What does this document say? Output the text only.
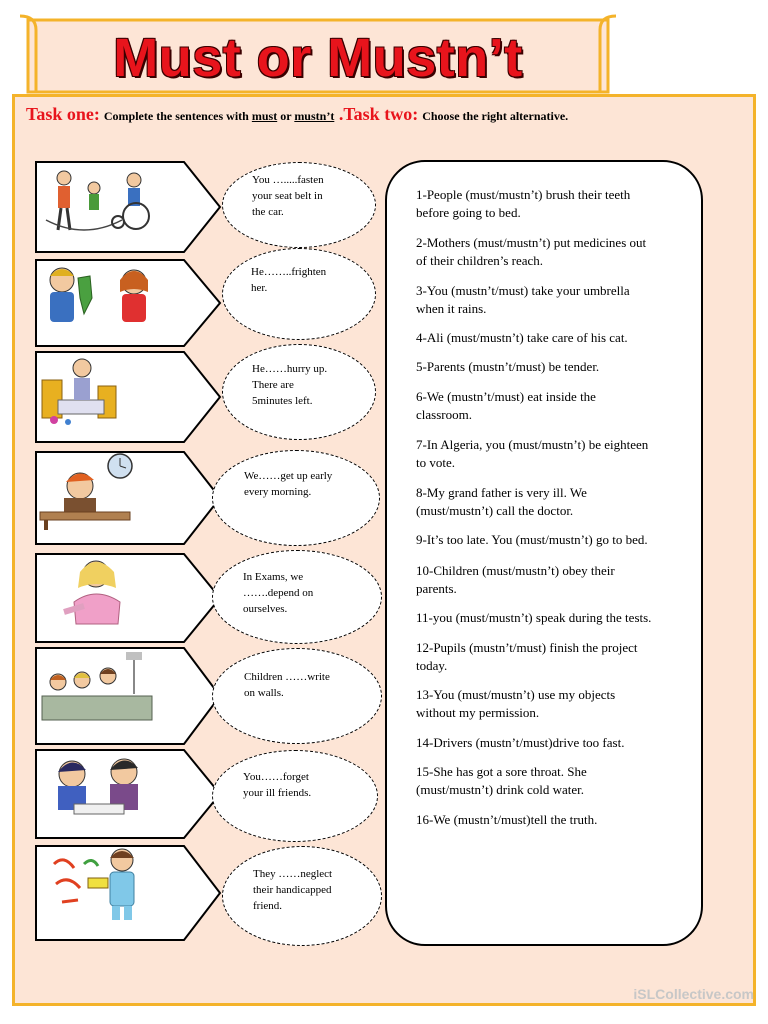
Must or Mustn’t
Task one: Complete the sentences with must or mustn’t .Task two: Choose the right alternative.
You ….....fasten
your seat belt in
the car.
He……..frighten
her.
He……hurry up.
There are
5minutes left.
We……get up early
every morning.
In Exams, we
…….depend on
ourselves.
Children ……write
on walls.
You……forget
your ill friends.
They ……neglect
their handicapped
friend.
1-People (must/mustn’t) brush their teeth
before going to bed.
2-Mothers (must/mustn’t) put medicines out
of their children’s reach.
3-You (mustn’t/must) take your umbrella
when it rains.
4-Ali (must/mustn’t) take care of his cat.
5-Parents (mustn’t/must) be tender.
6-We (mustn’t/must) eat inside the
classroom.
7-In Algeria, you (must/mustn’t) be eighteen
to vote.
8-My grand father is very ill. We
(must/mustn’t) call the doctor.
9-It’s too late. You (must/mustn’t) go to bed.
10-Children (must/mustn’t) obey their
parents.
11-you (must/mustn’t) speak during the tests.
12-Pupils (mustn’t/must) finish the project
today.
13-You (must/mustn’t) use my objects
without my permission.
14-Drivers (mustn’t/must)drive too fast.
15-She has got a sore throat. She
(must/mustn’t) drink cold water.
16-We (mustn’t/must)tell the truth.
iSLCollective.com
